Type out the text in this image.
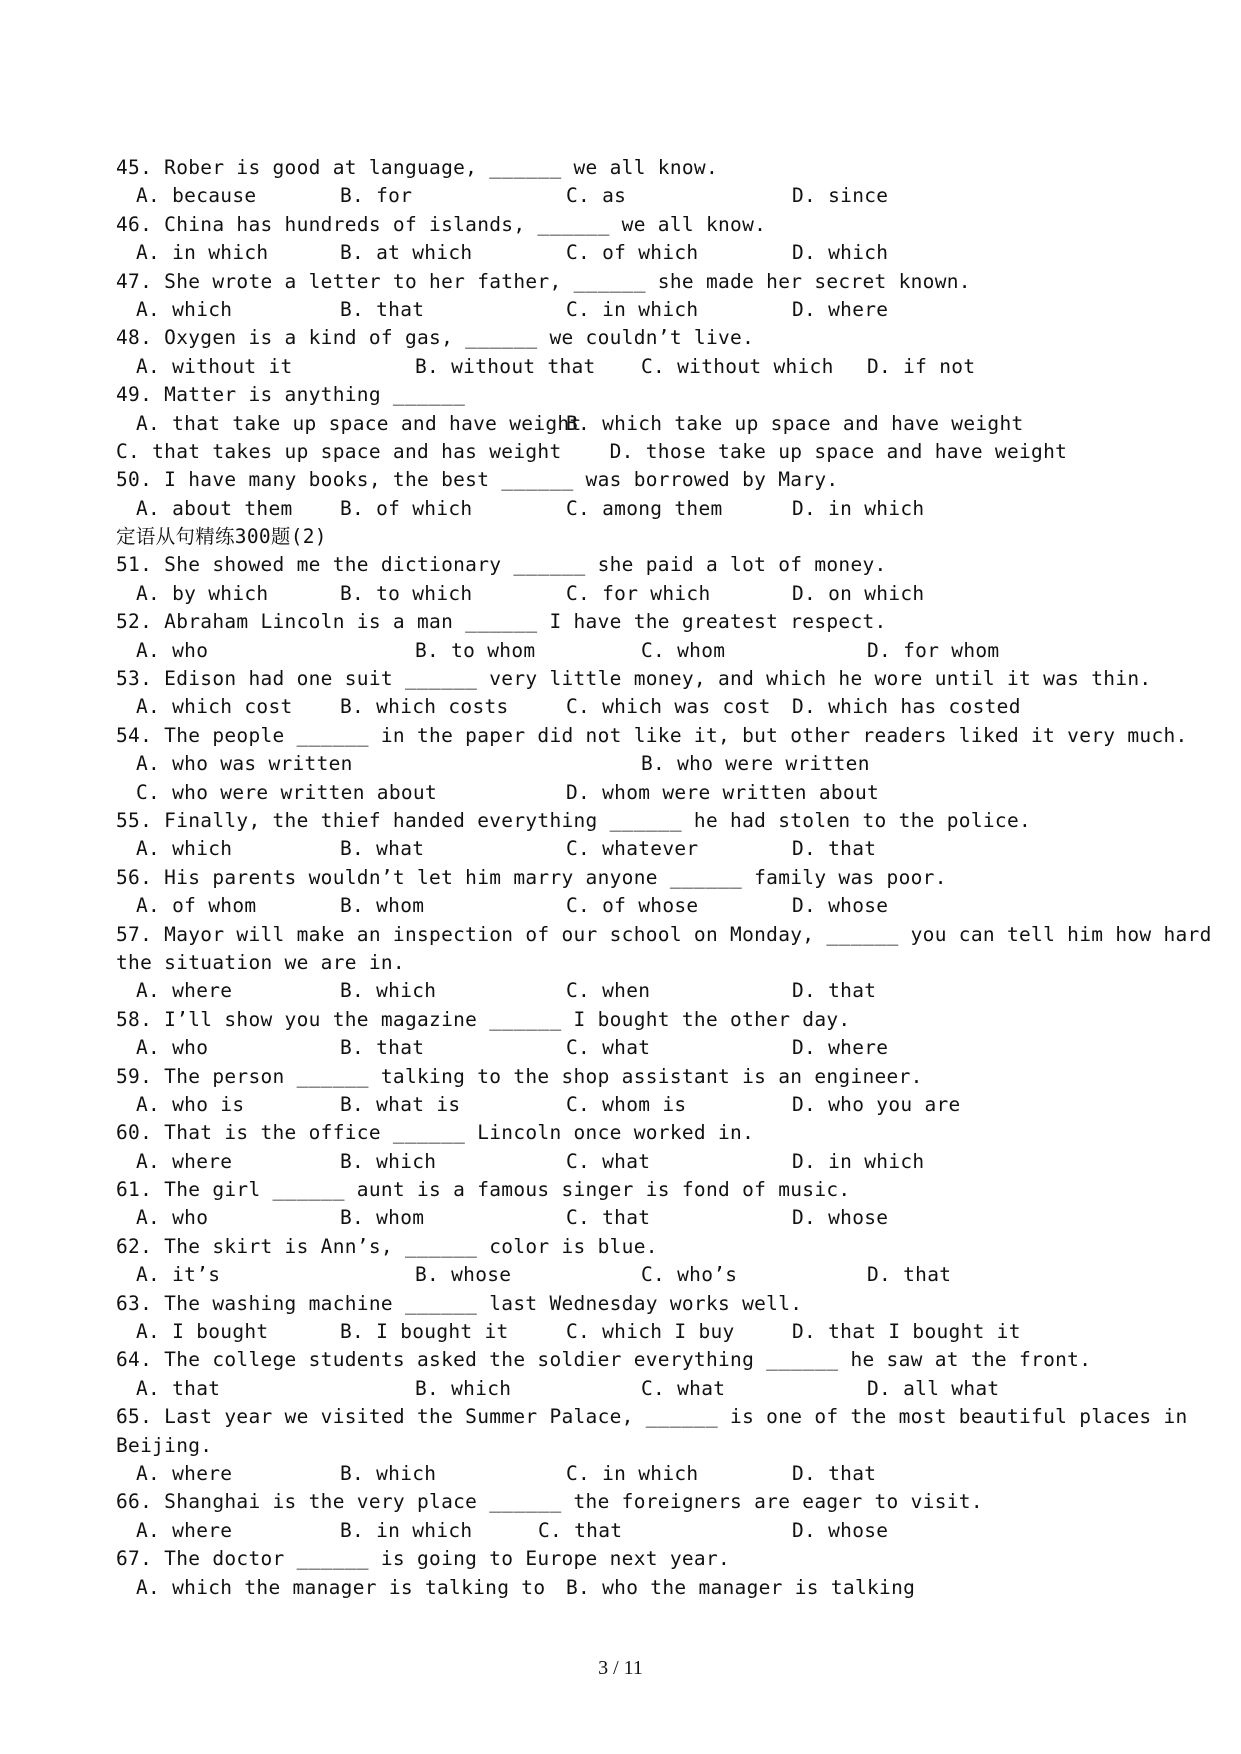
45. Rober is good at language, ______ we all know.
A. because	B. for	C. as	D. since
46. China has hundreds of islands, ______ we all know.
A. in which	B. at which	C. of which	D. which
47. She wrote a letter to her father, ______ she made her secret known.
A. which	B. that	C. in which	D. where
48. Oxygen is a kind of gas, ______ we couldn’t live.
A. without it	B. without that	C. without which	D. if not
49. Matter is anything ______
A. that take up space and have weight
B. which take up space and have weight
C. that takes up space and has weight    D. those take up space and have weight
50. I have many books, the best ______ was borrowed by Mary.
A. about them	B. of which	C. among them	D. in which
定语从句精练300题(2)
51. She showed me the dictionary ______ she paid a lot of money.
A. by which	B. to which	C. for which	D. on which
52. Abraham Lincoln is a man ______ I have the greatest respect.
A. who	B. to whom	C. whom	D. for whom
53. Edison had one suit ______ very little money, and which he wore until it was thin.
A. which cost	B. which costs	C. which was cost	D. which has costed
54. The people ______ in the paper did not like it, but other readers liked it very much.
A. who was written	B. who were written
C. who were written about	D. whom were written about
55. Finally, the thief handed everything ______ he had stolen to the police.
A. which	B. what	C. whatever	D. that
56. His parents wouldn’t let him marry anyone ______ family was poor.
A. of whom	B. whom	C. of whose	D. whose
57. Mayor will make an inspection of our school on Monday, ______ you can tell him how hard
the situation we are in.
A. where	B. which	C. when	D. that
58. I’ll show you the magazine ______ I bought the other day.
A. who	B. that	C. what	D. where
59. The person ______ talking to the shop assistant is an engineer.
A. who is	B. what is	C. whom is	D. who you are
60. That is the office ______ Lincoln once worked in.
A. where	B. which	C. what	D. in which
61. The girl ______ aunt is a famous singer is fond of music.
A. who	B. whom	C. that	D. whose
62. The skirt is Ann’s, ______ color is blue.
A. it’s	B. whose	C. who’s	D. that
63. The washing machine ______ last Wednesday works well.
A. I bought	B. I bought it	C. which I buy	D. that I bought it
64. The college students asked the soldier everything ______ he saw at the front.
A. that	B. which	C. what	D. all what
65. Last year we visited the Summer Palace, ______ is one of the most beautiful places in
Beijing.
A. where	B. which	C. in which	D. that
66. Shanghai is the very place ______ the foreigners are eager to visit.
A. where	B. in which	C. that	D. whose
67. The doctor ______ is going to Europe next year.
A. which the manager is talking to	B. who the manager is talking
3 / 11
